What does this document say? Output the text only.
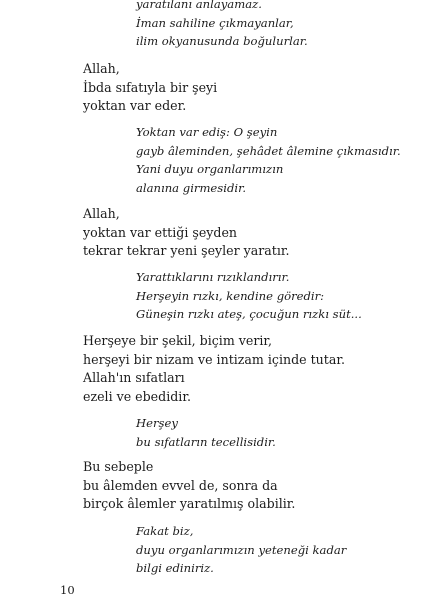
yaratılanı anlayamaz.
İman sahiline çıkmayanlar,
ilim okyanusunda boğulurlar.
Allah,
İbda sıfatıyla bir şeyi
yoktan var eder.
Yoktan var ediş: O şeyin
gayb âleminden, şehâdet âlemine çıkmasıdır.
Yani duyu organlarımızın
alanına girmesidir.
Allah,
yoktan var ettiği şeyden
tekrar tekrar yeni şeyler yaratır.
Yarattıklarını rızıklandırır.
Herşeyin rızkı, kendine göredir:
Güneşin rızkı ateş, çocuğun rızkı süt...
Herşeye bir şekil, biçim verir,
herşeyi bir nizam ve intizam içinde tutar.
Allah'ın sıfatları
ezeli ve ebedidir.
Herşey
bu sıfatların tecellisidir.
Bu sebeple
bu âlemden evvel de, sonra da
birçok âlemler yaratılmış olabilir.
Fakat biz,
duyu organlarımızın yeteneği kadar
bilgi ediniriz.
10
